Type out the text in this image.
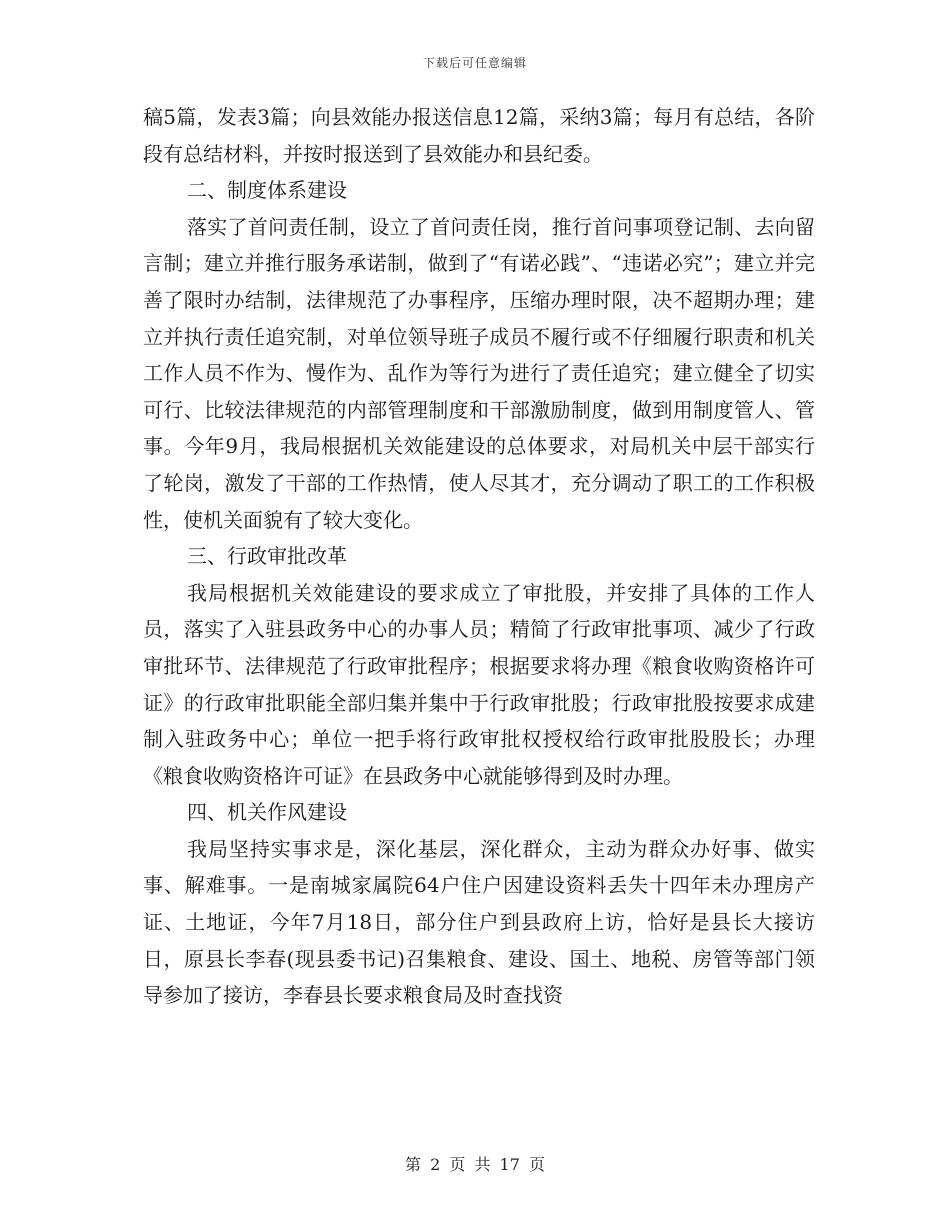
下载后可任意编辑

稿5篇，发表3篇；向县效能办报送信息12篇，采纳3篇；每月有总结，各阶段有总结材料，并按时报送到了县效能办和县纪委。

二、制度体系建设

落实了首问责任制，设立了首问责任岗，推行首问事项登记制、去向留言制；建立并推行服务承诺制，做到了“有诺必践”、“违诺必究”；建立并完善了限时办结制，法律规范了办事程序，压缩办理时限，决不超期办理；建立并执行责任追究制，对单位领导班子成员不履行或不仔细履行职责和机关工作人员不作为、慢作为、乱作为等行为进行了责任追究；建立健全了切实可行、比较法律规范的内部管理制度和干部激励制度，做到用制度管人、管事。今年9月，我局根据机关效能建设的总体要求，对局机关中层干部实行了轮岗，激发了干部的工作热情，使人尽其才，充分调动了职工的工作积极性，使机关面貌有了较大变化。

三、行政审批改革

我局根据机关效能建设的要求成立了审批股，并安排了具体的工作人员，落实了入驻县政务中心的办事人员；精简了行政审批事项、减少了行政审批环节、法律规范了行政审批程序；根据要求将办理《粮食收购资格许可证》的行政审批职能全部归集并集中于行政审批股；行政审批股按要求成建制入驻政务中心；单位一把手将行政审批权授权给行政审批股股长；办理《粮食收购资格许可证》在县政务中心就能够得到及时办理。

四、机关作风建设

我局坚持实事求是，深化基层，深化群众，主动为群众办好事、做实事、解难事。一是南城家属院64户住户因建设资料丢失十四年未办理房产证、土地证，今年7月18日，部分住户到县政府上访，恰好是县长大接访日，原县长李春(现县委书记)召集粮食、建设、国土、地税、房管等部门领导参加了接访，李春县长要求粮食局及时查找资

第 2 页 共 17 页
